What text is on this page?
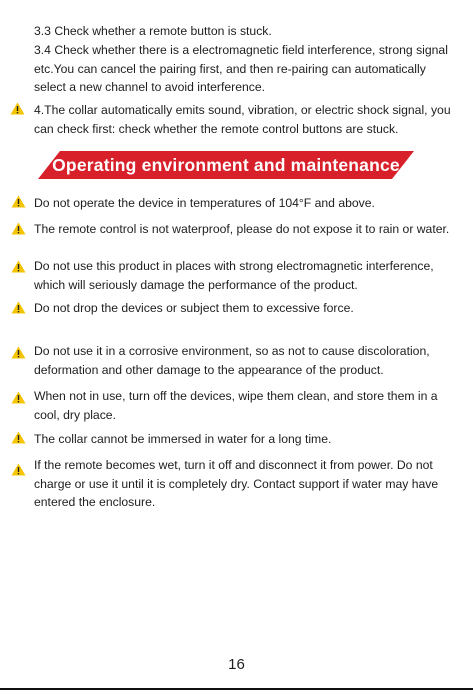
3.3 Check whether a remote button is stuck.

3.4 Check whether there is a electromagnetic field interference, strong signal etc.You can cancel the pairing first, and then re-pairing can automatically select a new channel to avoid interference.

4.The collar automatically emits sound, vibration, or electric shock signal, you can check first: check whether the remote control buttons are stuck.

Operating environment and maintenance

Do not operate the device in temperatures of 104°F and above.

The remote control is not waterproof, please do not expose it to rain or water.

Do not use this product in places with strong electromagnetic interference, which will seriously damage the performance of the product.

Do not drop the devices or subject them to excessive force.

Do not use it in a corrosive environment, so as not to cause discoloration, deformation and other damage to the appearance of the product.

When not in use, turn off the devices, wipe them clean, and store them in a cool, dry place.

The collar cannot be immersed in water for a long time.

If the remote becomes wet, turn it off and disconnect it from power. Do not charge or use it until it is completely dry. Contact support if water may have entered the enclosure.

16
